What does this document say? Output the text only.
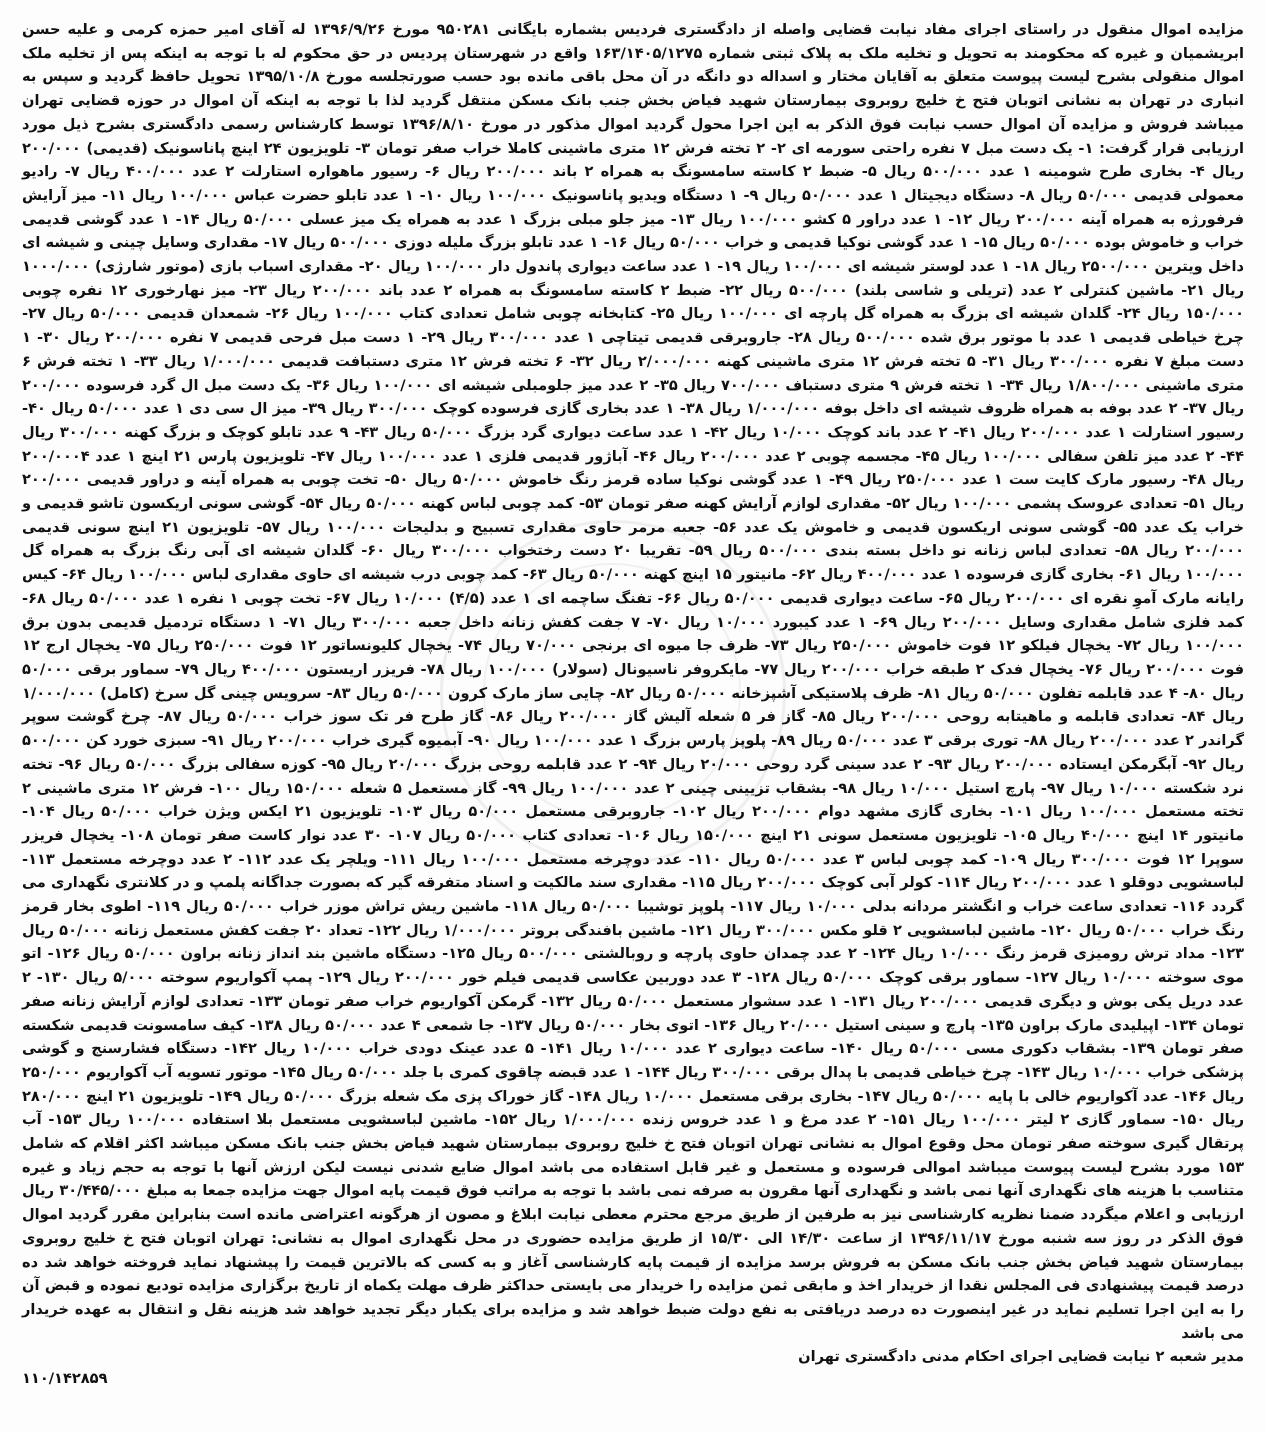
مزایده اموال منقول در راستای اجرای مفاد نیابت قضایی واصله از دادگستری فردیس بشماره بایگانی ۹۵۰۲۸۱ مورخ ۱۳۹۶/۹/۲۶ له آقای امیر حمزه کرمی و علیه حسن ابریشمیان و غیره که محکومند به تحویل و تخلیه ملک به پلاک ثبتی شماره ۱۶۳/۱۴۰۵/۱۲۷۵ واقع در شهرستان پردیس در حق محکوم له با توجه به اینکه پس از تخلیه ملک اموال منقولی بشرح لیست پیوست متعلق به آقایان مختار و اسداله دو دانگه در آن محل باقی مانده بود حسب صورتجلسه مورخ ۱۳۹۵/۱۰/۸ تحویل حافظ گردید و سپس به انباری در تهران به نشانی اتوبان فتح خ خلیج روبروی بیمارستان شهید فیاض بخش جنب بانک مسکن منتقل گردید لذا با توجه به اینکه آن اموال در حوزه قضایی تهران میباشد فروش و مزایده آن اموال حسب نیابت فوق الذکر به این اجرا محول گردید اموال مذکور در مورخ ۱۳۹۶/۸/۱۰ توسط کارشناس رسمی دادگستری بشرح ذیل مورد ارزیابی قرار گرفت: ۱- یک دست مبل ۷ نفره راحتی سورمه ای ۲- ۲ تخته فرش ۱۲ متری ماشینی کاملا خراب صفر تومان ۳- تلویزیون ۲۴ اینچ پاناسونیک (قدیمی) ۲۰۰/۰۰۰ ریال ۴- بخاری طرح شومینه ۱ عدد ۵۰۰/۰۰۰ ریال ۵- ضبط ۲ کاسته سامسونگ به همراه ۲ باند ۲۰۰/۰۰۰ ریال ۶- رسیور ماهواره استارلت ۲ عدد ۴۰۰/۰۰۰ ریال ۷- رادیو معمولی قدیمی ۵۰/۰۰۰ ریال ۸- دستگاه دیجیتال ۱ عدد ۵۰/۰۰۰ ریال ۹- ۱ دستگاه ویدیو پاناسونیک ۱۰۰/۰۰۰ ریال ۱۰- ۱ عدد تابلو حضرت عباس ۱۰۰/۰۰۰ ریال ۱۱- میز آرایش فرفورژه به همراه آینه ۲۰۰/۰۰۰ ریال ۱۲- ۱ عدد دراور ۵ کشو ۱۰۰/۰۰۰ ریال ۱۳- میز جلو مبلی بزرگ ۱ عدد به همراه یک میز عسلی ۵۰/۰۰۰ ریال ۱۴- ۱ عدد گوشی قدیمی خراب و خاموش بوده ۵۰/۰۰۰ ریال ۱۵- ۱ عدد گوشی نوکیا قدیمی و خراب ۵۰/۰۰۰ ریال ۱۶- ۱ عدد تابلو بزرگ ملیله دوزی ۵۰۰/۰۰۰ ریال ۱۷- مقداری وسایل چینی و شیشه ای داخل ویترین ۲۵۰۰/۰۰۰ ریال ۱۸- ۱ عدد لوستر شیشه ای ۱۰۰/۰۰۰ ریال ۱۹- ۱ عدد ساعت دیواری پاندول دار ۱۰۰/۰۰۰ ریال ۲۰- مقداری اسباب بازی (موتور شارژی) ۱۰۰۰/۰۰۰ ریال ۲۱- ماشین کنترلی ۲ عدد (تریلی و شاسی بلند) ۵۰۰/۰۰۰ ریال ۲۲- ضبط ۲ کاسته سامسونگ به همراه ۲ عدد باند ۲۰۰/۰۰۰ ریال ۲۳- میز نهارخوری ۱۲ نفره چوبی ۱۵۰/۰۰۰ ریال ۲۴- گلدان شیشه ای بزرگ به همراه گل پارچه ای ۱۰۰/۰۰۰ ریال ۲۵- کتابخانه چوبی شامل تعدادی کتاب ۱۰۰/۰۰۰ ریال ۲۶- شمعدان قدیمی ۵۰/۰۰۰ ریال ۲۷- چرخ خیاطی قدیمی ۱ عدد با موتور برق شده ۵۰۰/۰۰۰ ریال ۲۸- جاروبرقی قدیمی تیتاچی ۱ عدد ۳۰۰/۰۰۰ ریال ۲۹- ۱ دست مبل فرحی قدیمی ۷ نفره ۲۰۰/۰۰۰ ریال ۳۰- ۱ دست مبلغ ۷ نفره ۳۰۰/۰۰۰ ریال ۳۱- ۵ تخته فرش ۱۲ متری ماشینی کهنه ۲/۰۰۰/۰۰۰ ریال ۳۲- ۶ تخته فرش ۱۲ متری دستبافت قدیمی ۱/۰۰۰/۰۰۰ ریال ۳۳- ۱ تخته فرش ۶ متری ماشینی ۱/۸۰۰/۰۰۰ ریال ۳۴- ۱ تخته فرش ۹ متری دستباف ۷۰۰/۰۰۰ ریال ۳۵- ۲ عدد میز جلومبلی شیشه ای ۱۰۰/۰۰۰ ریال ۳۶- یک دست مبل ال گرد فرسوده ۲۰۰/۰۰۰ ریال ۳۷- ۲ عدد بوفه به همراه ظروف شیشه ای داخل بوفه ۱/۰۰۰/۰۰۰ ریال ۳۸- ۱ عدد بخاری گازی فرسوده کوچک ۳۰۰/۰۰۰ ریال ۳۹- میز ال سی دی ۱ عدد ۵۰/۰۰۰ ریال ۴۰- رسیور استارلت ۱ عدد ۲۰۰/۰۰۰ ریال ۴۱- ۲ عدد باند کوچک ۱۰/۰۰۰ ریال ۴۲- ۱ عدد ساعت دیواری گرد بزرگ ۵۰/۰۰۰ ریال ۴۳- ۹ عدد تابلو کوچک و بزرگ کهنه ۳۰۰/۰۰۰ ریال ۴۴- ۲ عدد میز تلفن سفالی ۱۰۰/۰۰۰ ریال ۴۵- مجسمه چوبی ۲ عدد ۲۰۰/۰۰۰ ریال ۴۶- آباژور قدیمی فلزی ۱ عدد ۱۰۰/۰۰۰ ریال ۴۷- تلویزیون پارس ۲۱ اینچ ۱ عدد ۲۰۰/۰۰۰۴ ریال ۴۸- رسیور مارک کایت ست ۱ عدد ۲۵۰/۰۰۰ ریال ۴۹- ۱ عدد گوشی نوکیا ساده قرمز رنگ خاموش ۵۰/۰۰۰ ریال ۵۰- تخت چوبی به همراه آینه و دراور قدیمی ۲۰۰/۰۰۰ ریال ۵۱- تعدادی عروسک پشمی ۱۰۰/۰۰۰ ریال ۵۲- مقداری لوازم آرایش کهنه صفر تومان ۵۳- کمد چوبی لباس کهنه ۵۰/۰۰۰ ریال ۵۴- گوشی سونی اریکسون تاشو قدیمی و خراب یک عدد ۵۵- گوشی سونی اریکسون قدیمی و خاموش یک عدد ۵۶- جعبه مرمر حاوی مقداری تسبیح و بدلیجات ۱۰۰/۰۰۰ ریال ۵۷- تلویزیون ۲۱ اینچ سونی قدیمی ۲۰۰/۰۰۰ ریال ۵۸- تعدادی لباس زنانه نو داخل بسته بندی ۵۰۰/۰۰۰ ریال ۵۹- تقریبا ۲۰ دست رختخواب ۳۰۰/۰۰۰ ریال ۶۰- گلدان شیشه ای آبی رنگ بزرگ به همراه گل ۱۰۰/۰۰۰ ریال ۶۱- بخاری گازی فرسوده ۱ عدد ۴۰۰/۰۰۰ ریال ۶۲- مانیتور ۱۵ اینچ کهنه ۵۰/۰۰۰ ریال ۶۳- کمد چوبی درب شیشه ای حاوی مقداری لباس ۱۰۰/۰۰۰ ریال ۶۴- کیس رایانه مارک آموِ نقره ای ۲۰۰/۰۰۰ ریال ۶۵- ساعت دیواری قدیمی ۵۰/۰۰۰ ریال ۶۶- تفنگ ساچمه ای ۱ عدد (۴/۵) ۱۰/۰۰۰ ریال ۶۷- تخت چوبی ۱ نفره ۱ عدد ۵۰/۰۰۰ ریال ۶۸- کمد فلزی شامل مقداری وسایل ۲۰۰/۰۰۰ ریال ۶۹- ۱ عدد کیبورد ۱۰/۰۰۰ ریال ۷۰- ۷ جفت کفش زنانه داخل جعبه ۳۰۰/۰۰۰ ریال ۷۱- ۱ دستگاه تردمیل قدیمی بدون برق ۱۰۰/۰۰۰ ریال ۷۲- یخچال فیلکو ۱۲ فوت خاموش ۲۵۰/۰۰۰ ریال ۷۳- ظرف جا میوه ای برنجی ۷۰/۰۰۰ ریال ۷۴- یخچال کلیونساتور ۱۲ فوت ۲۵۰/۰۰۰ ریال ۷۵- یخچال ارج ۱۲ فوت ۲۰۰/۰۰۰ ریال ۷۶- یخچال فدک ۲ طبقه خراب ۲۰۰/۰۰۰ ریال ۷۷- مایکروفر ناسیونال (سولار) ۱۰۰/۰۰۰ ریال ۷۸- فریزر اریستون ۴۰۰/۰۰۰ ریال ۷۹- سماور برقی ۵۰/۰۰۰ ریال ۸۰- ۴ عدد قابلمه تفلون ۵۰/۰۰۰ ریال ۸۱- ظرف پلاستیکی آشپزخانه ۵۰/۰۰۰ ریال ۸۲- چایی ساز مارک کرون ۵۰/۰۰۰ ریال ۸۳- سرویس چینی گل سرخ (کامل) ۱/۰۰۰/۰۰۰ ریال ۸۴- تعدادی قابلمه و ماهیتابه روحی ۲۰۰/۰۰۰ ریال ۸۵- گاز فر ۵ شعله آلیش گاز ۲۰۰/۰۰۰ ریال ۸۶- گاز طرح فر تک سوز خراب ۵۰/۰۰۰ ریال ۸۷- چرخ گوشت سوپر گراندر ۲ عدد ۲۰۰/۰۰۰ ریال ۸۸- توری برقی ۳ عدد ۵۰/۰۰۰ ریال ۸۹- پلوپز پارس بزرگ ۱ عدد ۱۰۰/۰۰۰ ریال ۹۰- آبمیوه گیری خراب ۲۰۰/۰۰۰ ریال ۹۱- سبزی خورد کن ۵۰۰/۰۰۰ ریال ۹۲- آبگرمکن ایستاده ۲۰۰/۰۰۰ ریال ۹۳- ۲ عدد سینی گرد روحی ۲۰/۰۰۰ ریال ۹۴- ۲ عدد قابلمه روحی بزرگ ۲۰/۰۰۰ ریال ۹۵- کوزه سفالی بزرگ ۵۰/۰۰۰ ریال ۹۶- تخته نرد شکسته ۱۰/۰۰۰ ریال ۹۷- پارچ استیل ۱۰/۰۰۰ ریال ۹۸- بشقاب تزیینی چینی ۲ عدد ۱۰۰/۰۰۰ ریال ۹۹- گاز مستعمل ۵ شعله ۱۵۰/۰۰۰ ریال ۱۰۰- فرش ۱۲ متری ماشینی ۲ تخته مستعمل ۱۰۰/۰۰۰ ریال ۱۰۱- بخاری گازی مشهد دوام ۲۰۰/۰۰۰ ریال ۱۰۲- جاروبرقی مستعمل ۵۰/۰۰۰ ریال ۱۰۳- تلویزیون ۲۱ ایکس ویژن خراب ۵۰/۰۰۰ ریال ۱۰۴- مانیتور ۱۴ اینچ ۴۰/۰۰۰ ریال ۱۰۵- تلویزیون مستعمل سونی ۲۱ اینچ ۱۵۰/۰۰۰ ریال ۱۰۶- تعدادی کتاب ۵۰/۰۰۰ ریال ۱۰۷- ۳۰ عدد نوار کاست صفر تومان ۱۰۸- یخچال فریزر سوپرا ۱۲ فوت ۳۰۰/۰۰۰ ریال ۱۰۹- کمد چوبی لباس ۳ عدد ۵۰/۰۰۰ ریال ۱۱۰- عدد دوچرخه مستعمل ۱۰۰/۰۰۰ ریال ۱۱۱- ویلچر یک عدد ۱۱۲- ۲ عدد دوچرخه مستعمل ۱۱۳- لباسشویی دوقلو ۱ عدد ۲۰۰/۰۰۰ ریال ۱۱۴- کولر آبی کوچک ۲۰۰/۰۰۰ ریال ۱۱۵- مقداری سند مالکیت و اسناد متفرقه گیر که بصورت جداگانه پلمپ و در کلانتری نگهداری می گردد ۱۱۶- تعدادی ساعت خراب و انگشتر مردانه بدلی ۱۰/۰۰۰ ریال ۱۱۷- پلوپز توشیبا ۵۰/۰۰۰ ریال ۱۱۸- ماشین ریش تراش موزر خراب ۵۰/۰۰۰ ریال ۱۱۹- اطوی بخار قرمز رنگ خراب ۵۰/۰۰۰ ریال ۱۲۰- ماشین لباسشویی ۲ قلو مکس ۳۰۰/۰۰۰ ریال ۱۲۱- ماشین بافندگی بروتر ۱/۰۰۰/۰۰۰ ریال ۱۲۲- تعداد ۲۰ جفت کفش مستعمل زنانه ۵۰/۰۰۰ ریال ۱۲۳- مداد ترش رومیزی قرمز رنگ ۱۰/۰۰۰ ریال ۱۲۴- ۲ عدد چمدان حاوی پارچه و روبالشتی ۵۰۰/۰۰۰ ریال ۱۲۵- دستگاه ماشین بند انداز زنانه براون ۵۰/۰۰۰ ریال ۱۲۶- اتو موی سوخته ۱۰/۰۰۰ ریال ۱۲۷- سماور برقی کوچک ۵۰/۰۰۰ ریال ۱۲۸- ۳ عدد دوربین عکاسی قدیمی فیلم خور ۲۰۰/۰۰۰ ریال ۱۲۹- پمپ آکواریوم سوخته ۵/۰۰۰ ریال ۱۳۰- ۲ عدد دریل یکی بوش و دیگری قدیمی ۲۰۰/۰۰۰ ریال ۱۳۱- ۱ عدد سشوار مستعمل ۵۰/۰۰۰ ریال ۱۳۲- گرمکن آکواریوم خراب صفر تومان ۱۳۳- تعدادی لوازم آرایش زنانه صفر تومان ۱۳۴- اپیلیدی مارک براون ۱۳۵- پارچ و سینی استیل ۲۰/۰۰۰ ریال ۱۳۶- اتوی بخار ۵۰/۰۰۰ ریال ۱۳۷- جا شمعی ۴ عدد ۵۰/۰۰۰ ریال ۱۳۸- کیف سامسونت قدیمی شکسته صفر تومان ۱۳۹- بشقاب دکوری مسی ۵۰/۰۰۰ ریال ۱۴۰- ساعت دیواری ۲ عدد ۱۰/۰۰۰ ریال ۱۴۱- ۵ عدد عینک دودی خراب ۱۰/۰۰۰ ریال ۱۴۲- دستگاه فشارسنج و گوشی پزشکی خراب ۱۰/۰۰۰ ریال ۱۴۳- چرخ خیاطی قدیمی با پدال برقی ۳۰۰/۰۰۰ ریال ۱۴۴- ۱ عدد قبضه چاقوی کمری با جلد ۵۰/۰۰۰ ریال ۱۴۵- موتور تسویه آب آکواریوم ۲۵۰/۰۰۰ ریال ۱۴۶- عدد آکواریوم خالی با پایه ۵۰/۰۰۰ ریال ۱۴۷- بخاری برقی مستعمل ۱۰/۰۰۰ ریال ۱۴۸- گاز خوراک پزی مک شعله بزرگ ۵۰/۰۰۰ ریال ۱۴۹- تلویزیون ۲۱ اینچ ۲۸۰/۰۰۰ ریال ۱۵۰- سماور گازی ۲ لیتر ۱۰۰/۰۰۰ ریال ۱۵۱- ۲ عدد مرغ و ۱ عدد خروس زنده ۱/۰۰۰/۰۰۰ ریال ۱۵۲- ماشین لباسشویی مستعمل بلا استفاده ۱۰۰/۰۰۰ ریال ۱۵۳- آب پرتقال گیری سوخته صفر تومان محل وقوع اموال به نشانی تهران اتوبان فتح خ خلیج روبروی بیمارستان شهید فیاض بخش جنب بانک مسکن میباشد اکثر اقلام که شامل ۱۵۳ مورد بشرح لیست پیوست میباشد اموالی فرسوده و مستعمل و غیر قابل استفاده می باشد اموال ضایع شدنی نیست لیکن ارزش آنها با توجه به حجم زیاد و غیره متناسب با هزینه های نگهداری آنها نمی باشد و نگهداری آنها مقرون به صرفه نمی باشد با توجه به مراتب فوق قیمت پایه اموال جهت مزایده جمعا به مبلغ ۳۰/۴۴۵/۰۰۰ ریال ارزیابی و اعلام میگردد ضمنا نظریه کارشناسی نیز به طرفین از طریق مرجع محترم معطی نیابت ابلاغ و مصون از هرگونه اعتراضی مانده است بنابراین مقرر گردید اموال فوق الذکر در روز سه شنبه مورخ ۱۳۹۶/۱۱/۱۷ از ساعت ۱۴/۳۰ الی ۱۵/۳۰ از طریق مزایده حضوری در محل نگهداری اموال به نشانی: تهران اتوبان فتح خ خلیج روبروی بیمارستان شهید فیاض بخش جنب بانک مسکن به فروش برسد مزایده از قیمت پایه کارشناسی آغاز و به کسی که بالاترین قیمت را پیشنهاد نماید فروخته خواهد شد ده درصد قیمت پیشنهادی فی المجلس نقدا از خریدار اخذ و مابقی ثمن مزایده را خریدار می بایستی حداکثر ظرف مهلت یکماه از تاریخ برگزاری مزایده تودیع نموده و قبض آن را به این اجرا تسلیم نماید در غیر اینصورت ده درصد دریافتی به نفع دولت ضبط خواهد شد و مزایده برای یکبار دیگر تجدید خواهد شد هزینه نقل و انتقال به عهده خریدار می باشد

مدیر شعبه ۲ نیابت قضایی اجرای احکام مدنی دادگستری تهران
۱۱۰/۱۴۲۸۵۹
